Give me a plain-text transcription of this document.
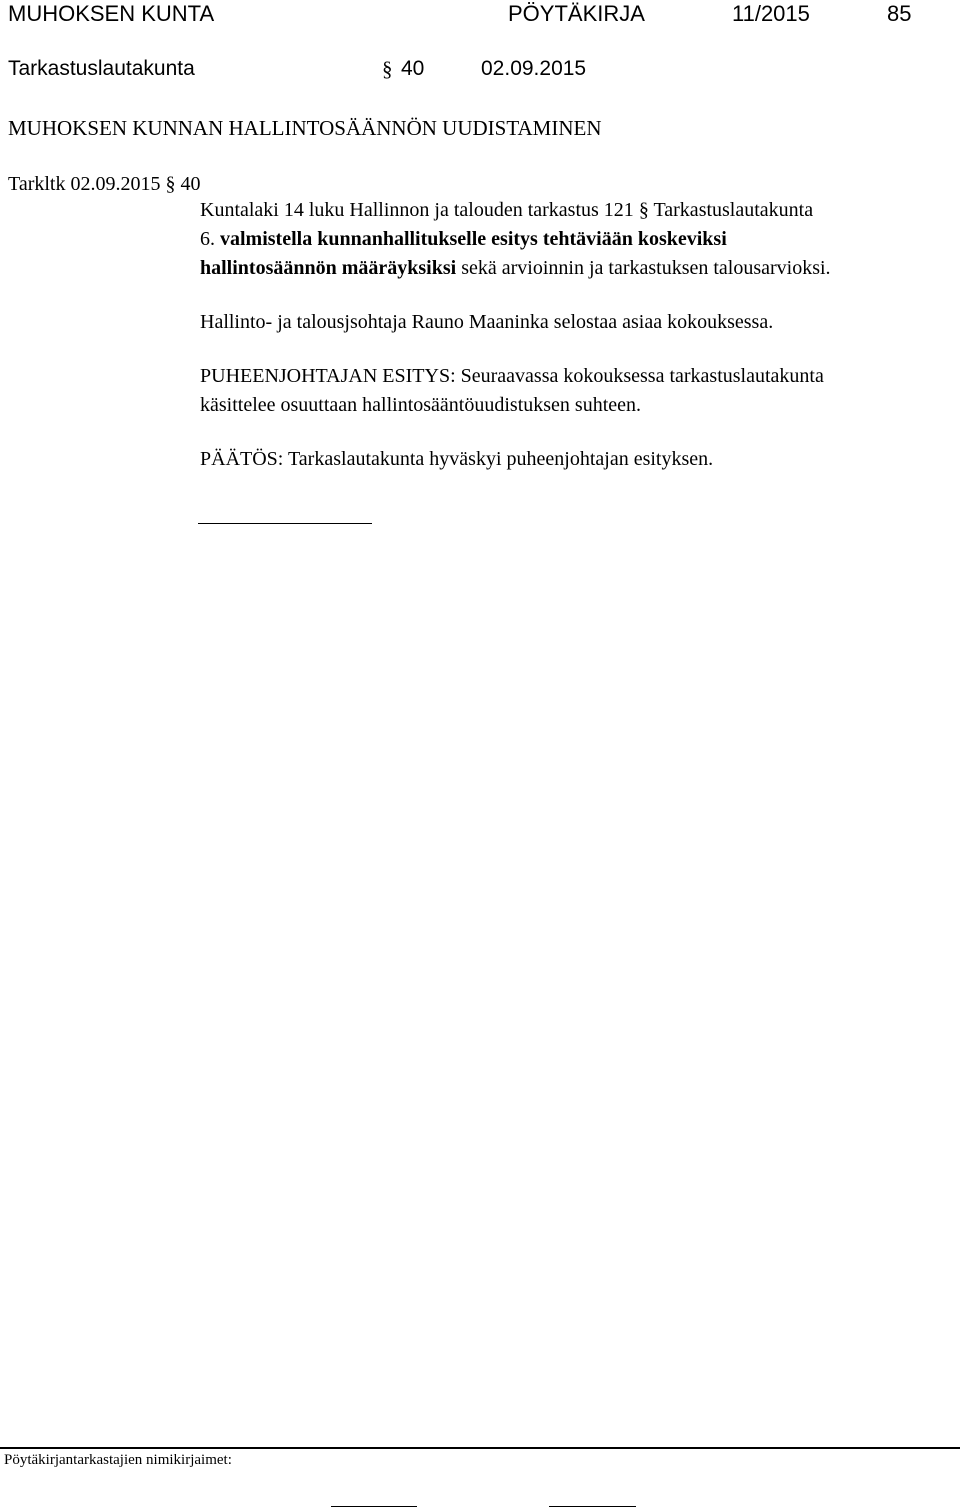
MUHOKSEN KUNTA	PÖYTÄKIRJA	11/2015	85
Tarkastuslautakunta	§ 40	02.09.2015
MUHOKSEN KUNNAN HALLINTOSÄÄNNÖN UUDISTAMINEN
Tarkltk 02.09.2015 § 40

Kuntalaki 14 luku Hallinnon ja talouden tarkastus 121 § Tarkastuslautakunta

6. valmistella kunnanhallitukselle esitys tehtäviään koskeviksi

hallintosäännön määräyksiksi sekä arvioinnin ja tarkastuksen talousarvioksi.

Hallinto- ja talousjsohtaja Rauno Maaninka selostaa asiaa kokouksessa.

PUHEENJOHTAJAN ESITYS: Seuraavassa kokouksessa tarkastuslautakunta

käsittelee osuuttaan hallintosääntöuudistuksen suhteen.

PÄÄTÖS: Tarkaslautakunta hyväskyi puheenjohtajan esityksen.

Pöytäkirjantarkastajien nimikirjaimet:
